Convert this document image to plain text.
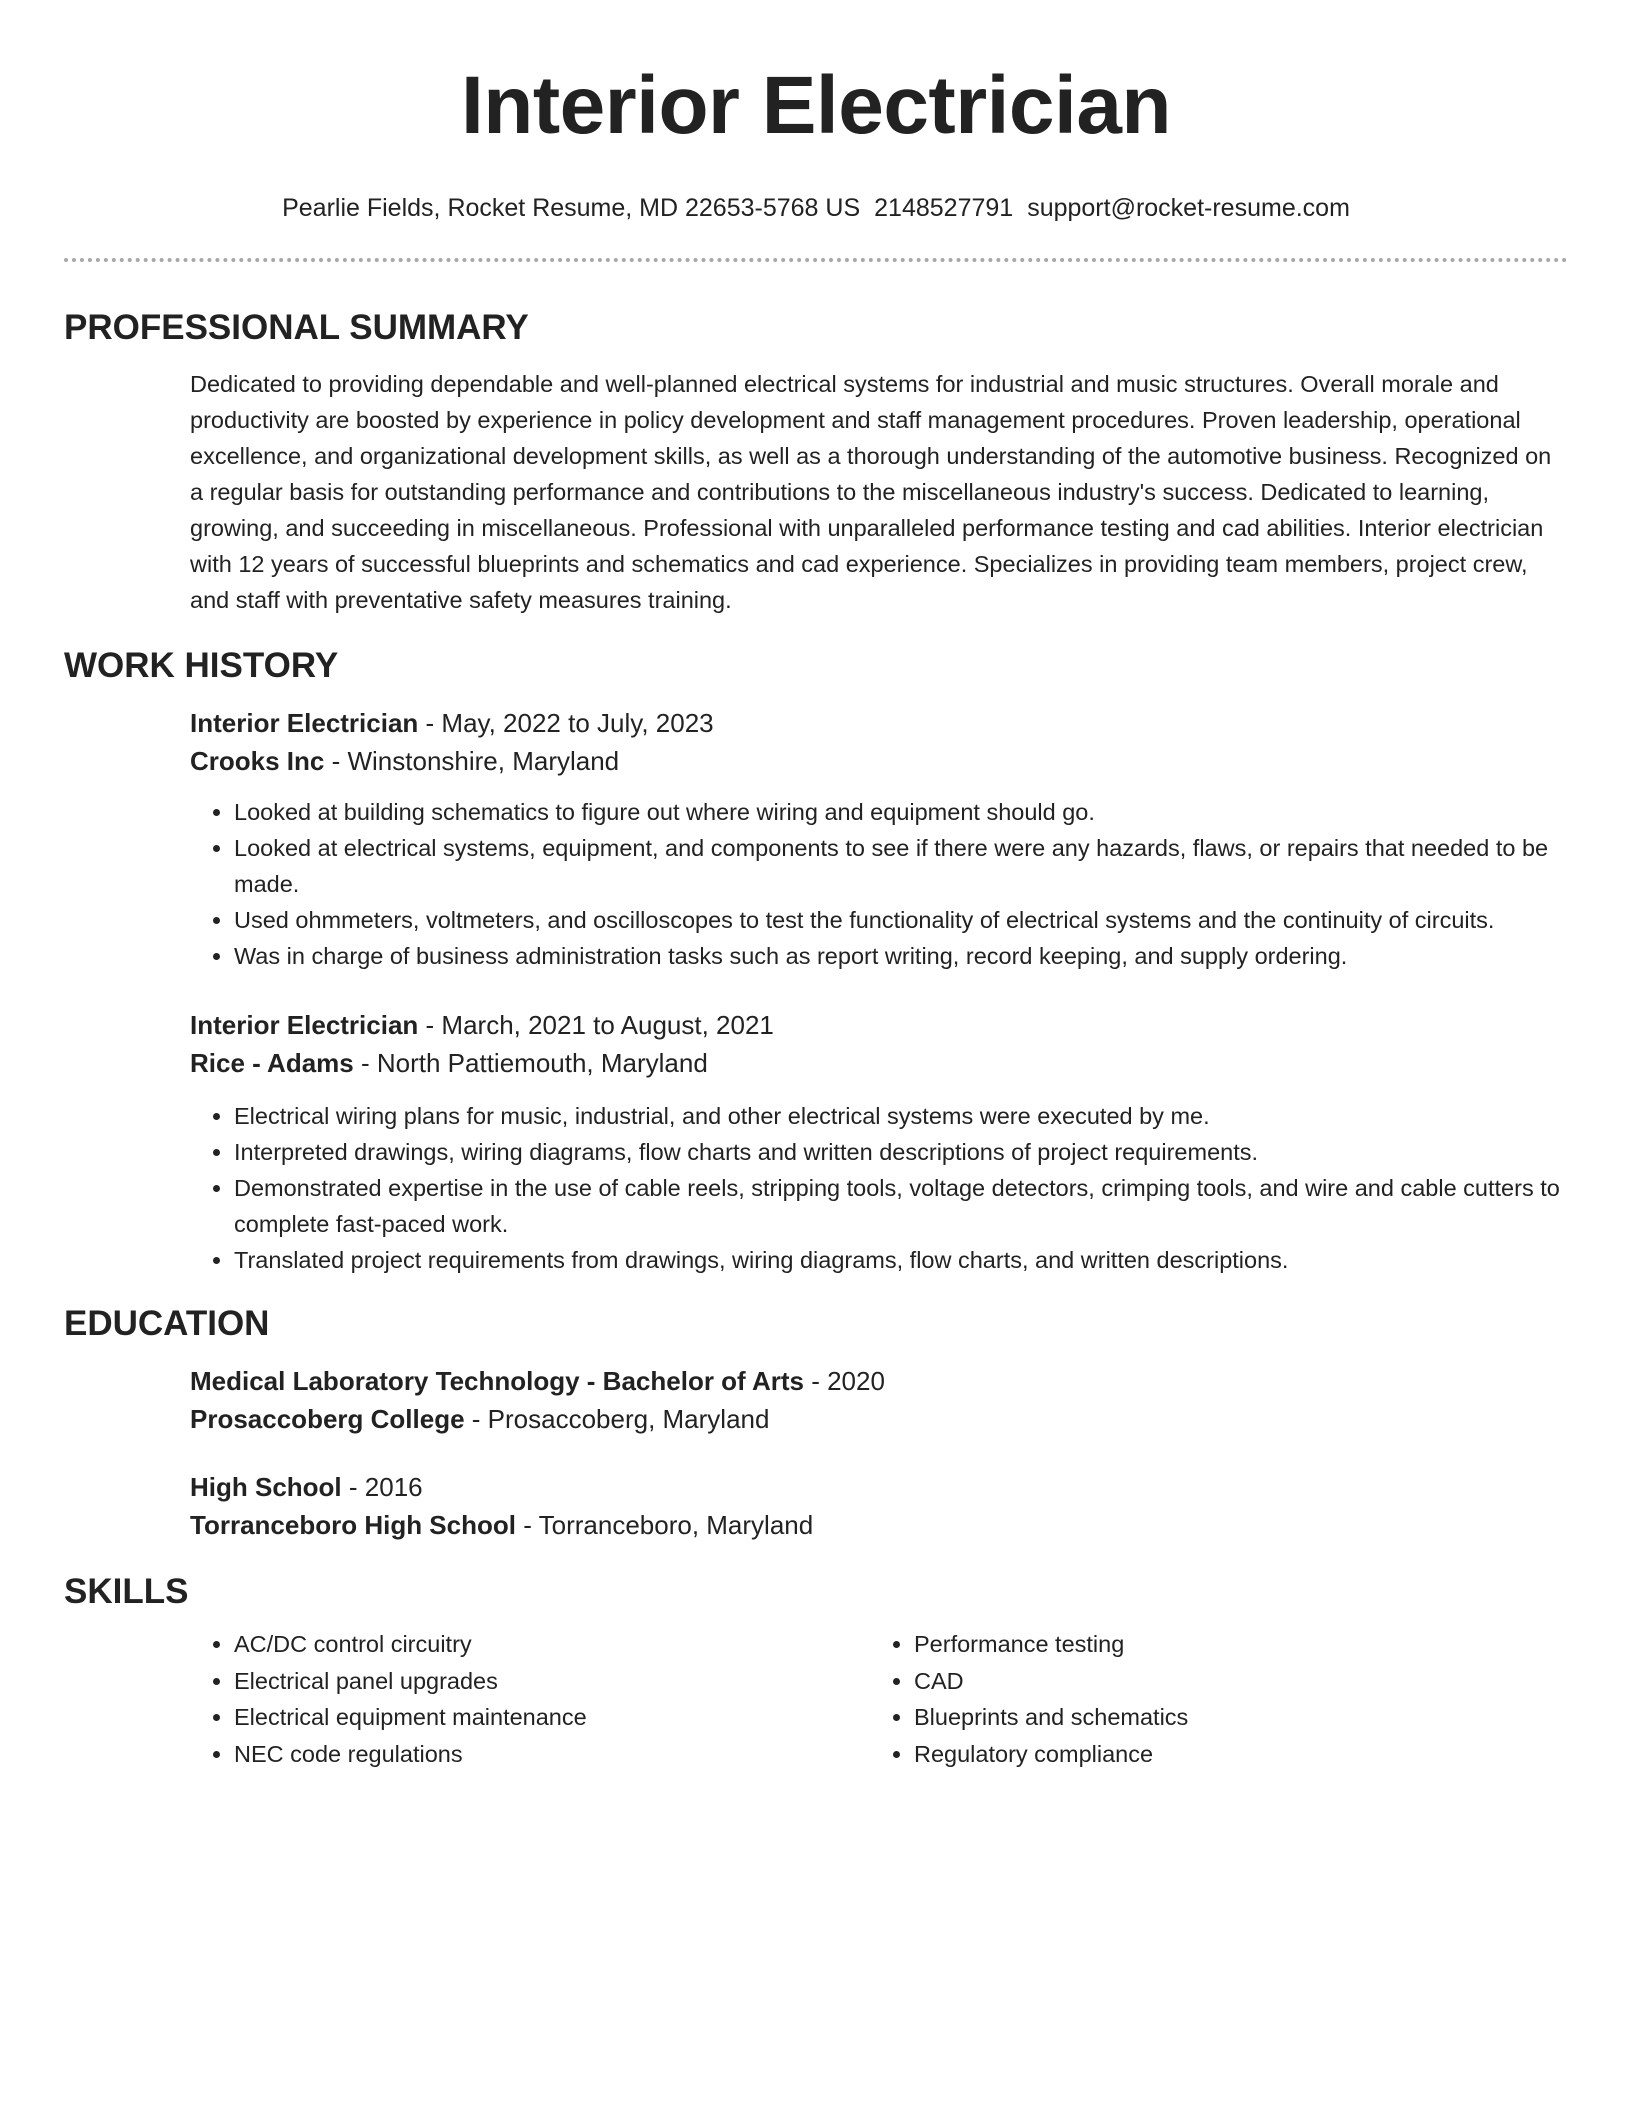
Interior Electrician
Pearlie Fields, Rocket Resume, MD 22653-5768 US 2148527791 support@rocket-resume.com
PROFESSIONAL SUMMARY

Dedicated to providing dependable and well-planned electrical systems for industrial and music structures. Overall morale and productivity are boosted by experience in policy development and staff management procedures. Proven leadership, operational excellence, and organizational development skills, as well as a thorough understanding of the automotive business. Recognized on a regular basis for outstanding performance and contributions to the miscellaneous industry's success. Dedicated to learning, growing, and succeeding in miscellaneous. Professional with unparalleled performance testing and cad abilities. Interior electrician with 12 years of successful blueprints and schematics and cad experience. Specializes in providing team members, project crew, and staff with preventative safety measures training.

WORK HISTORY

Interior Electrician - May, 2022 to July, 2023

Crooks Inc - Winstonshire, Maryland

• Looked at building schematics to figure out where wiring and equipment should go.
• Looked at electrical systems, equipment, and components to see if there were any hazards, flaws, or repairs that needed to be made.
• Used ohmmeters, voltmeters, and oscilloscopes to test the functionality of electrical systems and the continuity of circuits.
• Was in charge of business administration tasks such as report writing, record keeping, and supply ordering.

Interior Electrician - March, 2021 to August, 2021

Rice - Adams - North Pattiemouth, Maryland

• Electrical wiring plans for music, industrial, and other electrical systems were executed by me.
• Interpreted drawings, wiring diagrams, flow charts and written descriptions of project requirements.
• Demonstrated expertise in the use of cable reels, stripping tools, voltage detectors, crimping tools, and wire and cable cutters to complete fast-paced work.
• Translated project requirements from drawings, wiring diagrams, flow charts, and written descriptions.
EDUCATION

Medical Laboratory Technology - Bachelor of Arts - 2020

Prosaccoberg College - Prosaccoberg, Maryland

High School - 2016

Torranceboro High School - Torranceboro, Maryland

SKILLS
• AC/DC control circuitry
• Electrical panel upgrades
• Electrical equipment maintenance
• NEC code regulations
• Performance testing
• CAD
• Blueprints and schematics
• Regulatory compliance
